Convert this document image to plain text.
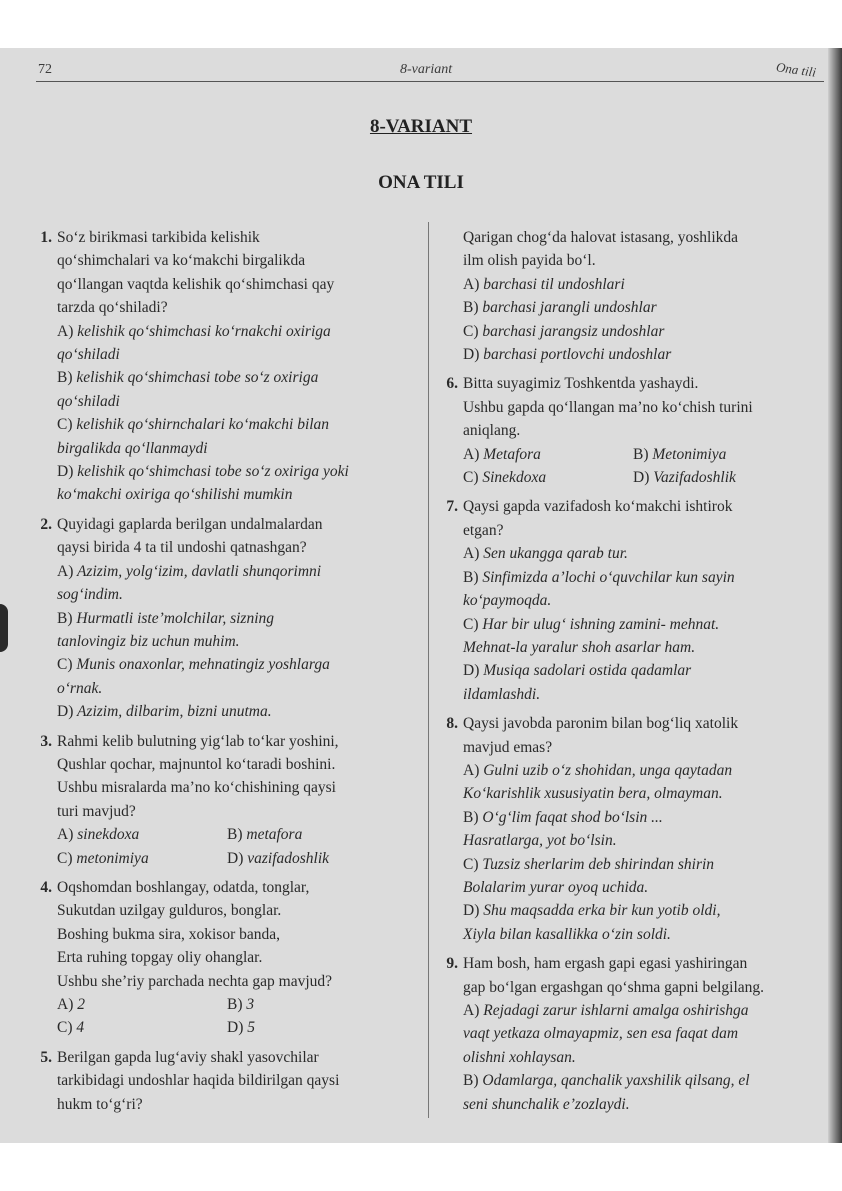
72	8-variant	Ona tili
8-VARIANT
ONA TILI
1. So‘z birikmasi tarkibida kelishik
qo‘shimchalari va ko‘makchi birgalikda
qo‘llangan vaqtda kelishik qo‘shimchasi qay
tarzda qo‘shiladi?
A) kelishik qo‘shimchasi ko‘rnakchi oxiriga
qo‘shiladi
B) kelishik qo‘shimchasi tobe so‘z oxiriga
qo‘shiladi
C) kelishik qo‘shirnchalari ko‘makchi bilan
birgalikda qo‘llanmaydi
D) kelishik qo‘shimchasi tobe so‘z oxiriga yoki
ko‘makchi oxiriga qo‘shilishi mumkin
2. Quyidagi gaplarda berilgan undalmalardan
qaysi birida 4 ta til undoshi qatnashgan?
A) Azizim, yolg‘izim, davlatli shunqorimni
sog‘indim.
B) Hurmatli iste’molchilar, sizning
tanlovingiz biz uchun muhim.
C) Munis onaxonlar, mehnatingiz yoshlarga
o‘rnak.
D) Azizim, dilbarim, bizni unutma.
3. Rahmi kelib bulutning yig‘lab to‘kar yoshini,
Qushlar qochar, majnuntol ko‘taradi boshini.
Ushbu misralarda ma’no ko‘chishining qaysi
turi mavjud?
A) sinekdoxa	B) metafora
C) metonimiya	D) vazifadoshlik
4. Oqshomdan boshlangay, odatda, tonglar,
Sukutdan uzilgay gulduros, bonglar.
Boshing bukma sira, xokisor banda,
Erta ruhing topgay oliy ohanglar.
Ushbu she’riy parchada nechta gap mavjud?
A) 2	B) 3
C) 4	D) 5
5. Berilgan gapda lug‘aviy shakl yasovchilar
tarkibidagi undoshlar haqida bildirilgan qaysi
hukm to‘g‘ri?
Qarigan chog‘da halovat istasang, yoshlikda
ilm olish payida bo‘l.
A) barchasi til undoshlari
B) barchasi jarangli undoshlar
C) barchasi jarangsiz undoshlar
D) barchasi portlovchi undoshlar
6. Bitta suyagimiz Toshkentda yashaydi.
Ushbu gapda qo‘llangan ma’no ko‘chish turini
aniqlang.
A) Metafora	B) Metonimiya
C) Sinekdoxa	D) Vazifadoshlik
7. Qaysi gapda vazifadosh ko‘makchi ishtirok
etgan?
A) Sen ukangga qarab tur.
B) Sinfimizda a’lochi o‘quvchilar kun sayin
ko‘paymoqda.
C) Har bir ulug‘ ishning zamini- mehnat.
Mehnat-la yaralur shoh asarlar ham.
D) Musiqa sadolari ostida qadamlar
ildamlashdi.
8. Qaysi javobda paronim bilan bog‘liq xatolik
mavjud emas?
A) Gulni uzib o‘z shohidan, unga qaytadan
Ko‘karishlik xususiyatin bera, olmayman.
B) O‘g‘lim faqat shod bo‘lsin ...
Hasratlarga, yot bo‘lsin.
C) Tuzsiz sherlarim deb shirindan shirin
Bolalarim yurar oyoq uchida.
D) Shu maqsadda erka bir kun yotib oldi,
Xiyla bilan kasallikka o‘zin soldi.
9. Ham bosh, ham ergash gapi egasi yashiringan
gap bo‘lgan ergashgan qo‘shma gapni belgilang.
A) Rejadagi zarur ishlarni amalga oshirishga
vaqt yetkaza olmayapmiz, sen esa faqat dam
olishni xohlaysan.
B) Odamlarga, qanchalik yaxshilik qilsang, el
seni shunchalik e’zozlaydi.
